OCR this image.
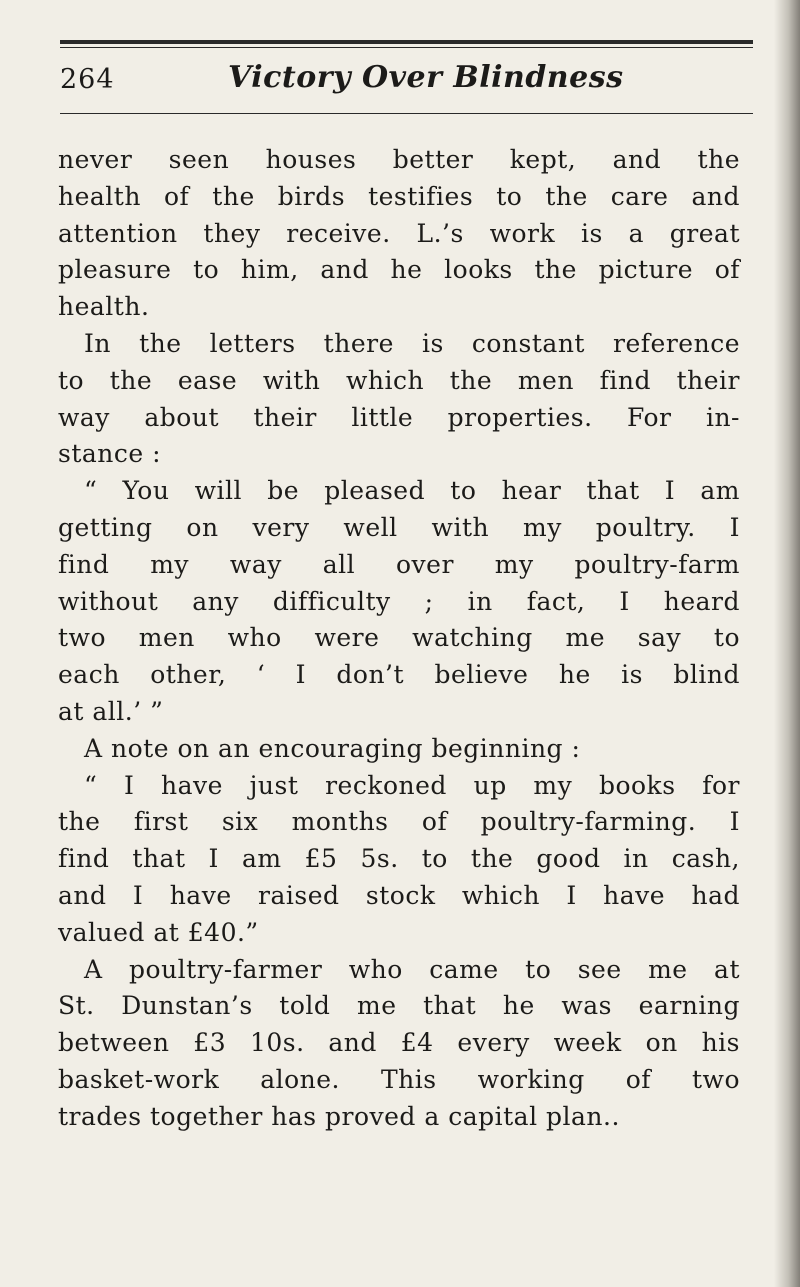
264	Victory Over Blindness
never seen houses better kept, and the
health of the birds testifies to the care and
attention they receive. L.’s work is a great
pleasure to him, and he looks the picture of
health.
In the letters there is constant reference
to the ease with which the men find their
way about their little properties. For in-
stance :
“ You will be pleased to hear that I am
getting on very well with my poultry. I
find my way all over my poultry-farm
without any difficulty ; in fact, I heard
two men who were watching me say to
each other, ‘ I don’t believe he is blind
at all.’ ”
A note on an encouraging beginning :
“ I have just reckoned up my books for
the first six months of poultry-farming. I
find that I am £5 5s. to the good in cash,
and I have raised stock which I have had
valued at £40.”
A poultry-farmer who came to see me at
St. Dunstan’s told me that he was earning
between £3 10s. and £4 every week on his
basket-work alone. This working of two
trades together has proved a capital plan..
